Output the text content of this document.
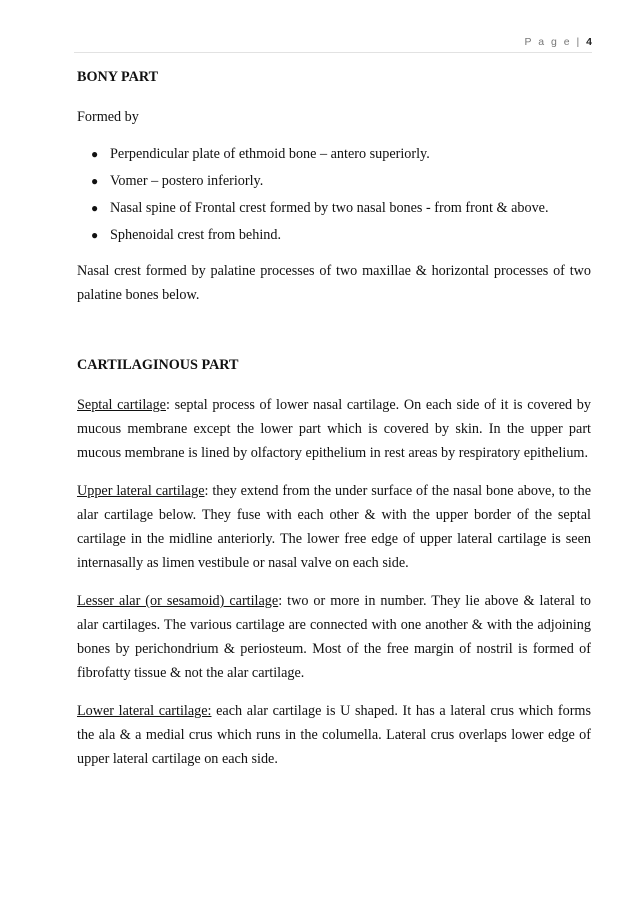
P a g e | 4
BONY PART

Formed by

● Perpendicular plate of ethmoid bone – antero superiorly.
● Vomer – postero inferiorly.
● Nasal spine of Frontal crest formed by two nasal bones - from front & above.
● Sphenoidal crest from behind.

Nasal crest formed by palatine processes of two maxillae & horizontal processes of two palatine bones below.

CARTILAGINOUS PART

Septal cartilage: septal process of lower nasal cartilage. On each side of it is covered by mucous membrane except the lower part which is covered by skin. In the upper part mucous membrane is lined by olfactory epithelium in rest areas by respiratory epithelium.

Upper lateral cartilage: they extend from the under surface of the nasal bone above, to the alar cartilage below. They fuse with each other & with the upper border of the septal cartilage in the midline anteriorly. The lower free edge of upper lateral cartilage is seen internasally as limen vestibule or nasal valve on each side.

Lesser alar (or sesamoid) cartilage: two or more in number. They lie above & lateral to alar cartilages. The various cartilage are connected with one another & with the adjoining bones by perichondrium & periosteum. Most of the free margin of nostril is formed of fibrofatty tissue & not the alar cartilage.

Lower lateral cartilage: each alar cartilage is U shaped. It has a lateral crus which forms the ala & a medial crus which runs in the columella. Lateral crus overlaps lower edge of upper lateral cartilage on each side.
